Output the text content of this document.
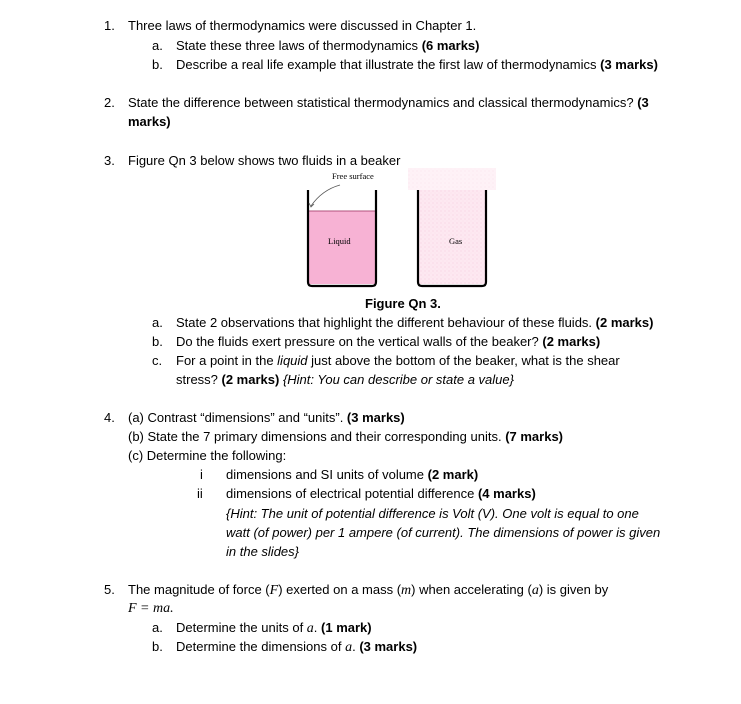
1. Three laws of thermodynamics were discussed in Chapter 1.
a. State these three laws of thermodynamics (6 marks)
b. Describe a real life example that illustrate the first law of thermodynamics (3 marks)
2. State the difference between statistical thermodynamics and classical thermodynamics? (3
marks)
3. Figure Qn 3 below shows two fluids in a beaker
Free surface
Liquid	Gas
Figure Qn 3.
a. State 2 observations that highlight the different behaviour of these fluids. (2 marks)
b. Do the fluids exert pressure on the vertical walls of the beaker? (2 marks)
c. For a point in the liquid just above the bottom of the beaker, what is the shear
stress? (2 marks) {Hint: You can describe or state a value}
4. (a) Contrast “dimensions” and “units”. (3 marks)
(b) State the 7 primary dimensions and their corresponding units. (7 marks)
(c) Determine the following:
i dimensions and SI units of volume (2 mark)
ii dimensions of electrical potential difference (4 marks)
{Hint: The unit of potential difference is Volt (V). One volt is equal to one
watt (of power) per 1 ampere (of current). The dimensions of power is given
in the slides}
5. The magnitude of force (F) exerted on a mass (m) when accelerating (a) is given by
F = ma.
a. Determine the units of a. (1 mark)
b. Determine the dimensions of a. (3 marks)
